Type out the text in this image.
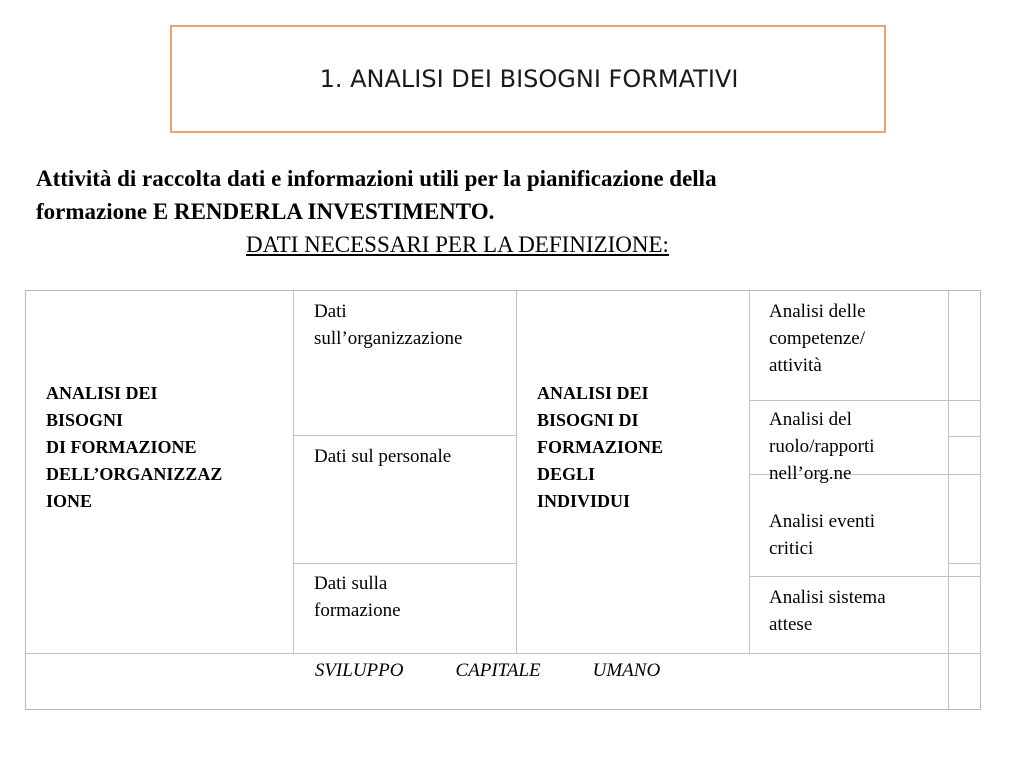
1. ANALISI DEI BISOGNI FORMATIVI
Attività di raccolta dati e informazioni utili per la pianificazione della
formazione E RENDERLA INVESTIMENTO.
DATI NECESSARI PER LA DEFINIZIONE:
ANALISI DEI
BISOGNI
DI FORMAZIONE
DELL’ORGANIZZAZ
IONE
Dati
sull’organizzazione
Dati sul personale
Dati sulla
formazione
ANALISI DEI
BISOGNI DI
FORMAZIONE
DEGLI
INDIVIDUI
Analisi delle
competenze/
attività
Analisi del
ruolo/rapporti
nell’org.ne
Analisi eventi
critici
Analisi sistema
attese
SVILUPPO	CAPITALE	UMANO
